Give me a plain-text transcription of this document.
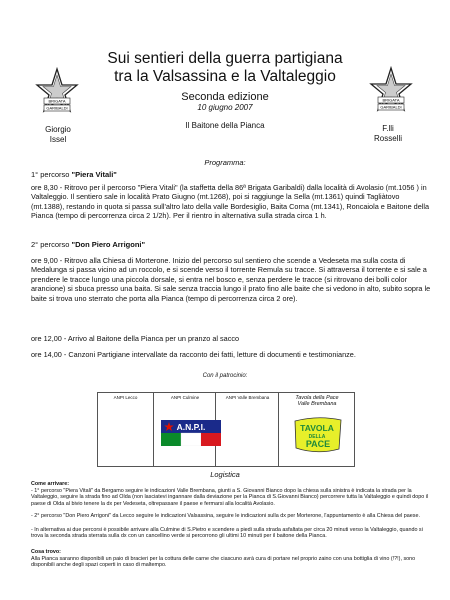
Sui sentieri della guerra partigiana
tra la Valsassina e la Valtaleggio
Seconda edizione
10 giugno 2007
BRIGATA
GARIBALDI
BRIGATA
GARIBALDI
Il Baitone della Pianca
Giorgio
Issel
F.lli
Rosselli
Programma:
1° percorso "Piera Vitali"
ore 8,30 - Ritrovo per il percorso "Piera Vitali" (la staffetta della 86ª Brigata Garibaldi) dalla località di Avolasio (mt.1056 ) in Valtaleggio. Il sentiero sale in località Prato Giugno (mt.1268), poi si raggiunge la Sella (mt.1361) quindi Tagliàtovo (mt.1388), restando in quota si passa sull'altro lato della valle Bordesiglio, Baita Corna (mt.1341), Roncaiola e Baitone della Pianca (tempo di percorrenza circa 2 1/2h). Per il rientro in alternativa sulla strada circa 1 h.
2° percorso "Don Piero Arrigoni"
ore 9,00 - Ritrovo alla Chiesa di Morterone. Inizio del percorso sul sentiero che scende a Vedeseta ma sulla costa di Medalunga si passa vicino ad un roccolo, e si scende verso il torrente Remula su tracce. Si attraversa il torrente e si sale a prendere le tracce lungo una piccola dorsale, si entra nel bosco e, senza perdere le tracce (si ritrovano dei bolli color arancione) si sbuca presso una baita. Si sale senza traccia lungo il prato fino alle baite che si vedono in alto, subito sopra le baite si trova uno sterrato che porta alla Pianca (tempo di percorrenza circa 2 ore).
ore 12,00 - Arrivo al Baitone della Pianca per un pranzo al sacco
ore 14,00 - Canzoni Partigiane intervallate da racconto dei fatti, letture di documenti e testimonianze.
Con il patrocinio:
ANPI Lecco	ANPI Culmine	ANPI Valle Brembana	Tavola della Pace
Valle Brembana
A.N.P.I.	TAVOLA
DELLA
PACE
Logistica
Come arrivare:
- 1° percorso "Piera Vitali" da Bergamo seguire le indicazioni Valle Brembana, giunti a S. Giovanni Bianco dopo la chiesa sulla sinistra è indicata la strada per la Valtaleggio, seguire la strada fino ad Olda (non lasciatevi ingannare dalla deviazione per la Pianca di S.Giovanni Bianco) percorrere tutta la Valtaleggio e quindi dopo il paese di Olda al bivio tenere la dx per Vedeseta, oltrepassare il paese e fermarsi alla località Avolasio.
- 2° percorso "Don Piero Arrigoni" da Lecco seguire le indicazioni Valsassina, seguire le indicazioni sulla dx per Morterone, l'appuntamento è alla Chiesa del paese.
- In alternativa ai due percorsi è possibile arrivare alla Culmine di S.Pietro e scendere a piedi sulla strada asfaltata per circa 20 minuti verso la Valtaleggio, quando si trova la seconda strada sterrata sulla dx con un cancellino verde si percorrono gli ultimi 10 minuti per il baitone della Pianca.
Cosa trovo:
Alla Pianca saranno disponibili un paio di bracieri per la cottura delle carne che ciascuno avrà cura di portare nel proprio zaino con una bottiglia di vino (!?!), sono disponibili anche degli spazi coperti in caso di maltempo.
